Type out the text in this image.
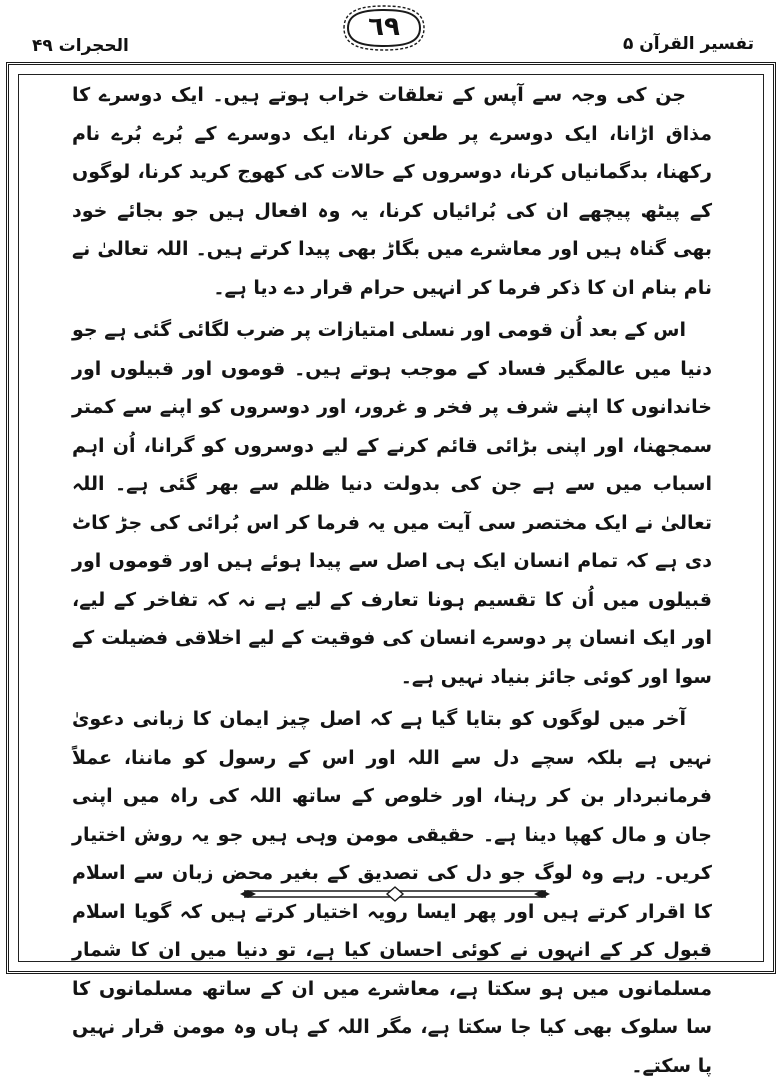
الحجرات ۴۹
٦٩
تفسیر القرآن ۵

جن کی وجہ سے آپس کے تعلقات خراب ہوتے ہیں۔ ایک دوسرے کا مذاق اڑانا، ایک دوسرے پر طعن کرنا، ایک دوسرے کے بُرے بُرے نام رکھنا، بدگمانیاں کرنا، دوسروں کے حالات کی کھوج کرید کرنا، لوگوں کے پیٹھ پیچھے ان کی بُرائیاں کرنا، یہ وہ افعال ہیں جو بجائے خود بھی گناہ ہیں اور معاشرے میں بگاڑ بھی پیدا کرتے ہیں۔ اللہ تعالیٰ نے نام بنام ان کا ذکر فرما کر انہیں حرام قرار دے دیا ہے۔

اس کے بعد اُن قومی اور نسلی امتیازات پر ضرب لگائی گئی ہے جو دنیا میں عالمگیر فساد کے موجب ہوتے ہیں۔ قوموں اور قبیلوں اور خاندانوں کا اپنے شرف پر فخر و غرور، اور دوسروں کو اپنے سے کمتر سمجھنا، اور اپنی بڑائی قائم کرنے کے لیے دوسروں کو گرانا، اُن اہم اسباب میں سے ہے جن کی بدولت دنیا ظلم سے بھر گئی ہے۔ اللہ تعالیٰ نے ایک مختصر سی آیت میں یہ فرما کر اس بُرائی کی جڑ کاٹ دی ہے کہ تمام انسان ایک ہی اصل سے پیدا ہوئے ہیں اور قوموں اور قبیلوں میں اُن کا تقسیم ہونا تعارف کے لیے ہے نہ کہ تفاخر کے لیے، اور ایک انسان پر دوسرے انسان کی فوقیت کے لیے اخلاقی فضیلت کے سوا اور کوئی جائز بنیاد نہیں ہے۔

آخر میں لوگوں کو بتایا گیا ہے کہ اصل چیز ایمان کا زبانی دعویٰ نہیں ہے بلکہ سچے دل سے اللہ اور اس کے رسول کو ماننا، عملاً فرمانبردار بن کر رہنا، اور خلوص کے ساتھ اللہ کی راہ میں اپنی جان و مال کھپا دینا ہے۔ حقیقی مومن وہی ہیں جو یہ روش اختیار کریں۔ رہے وہ لوگ جو دل کی تصدیق کے بغیر محض زبان سے اسلام کا اقرار کرتے ہیں اور پھر ایسا رویہ اختیار کرتے ہیں کہ گویا اسلام قبول کر کے انہوں نے کوئی احسان کیا ہے، تو دنیا میں ان کا شمار مسلمانوں میں ہو سکتا ہے، معاشرے میں ان کے ساتھ مسلمانوں کا سا سلوک بھی کیا جا سکتا ہے، مگر اللہ کے ہاں وہ مومن قرار نہیں پا سکتے۔
